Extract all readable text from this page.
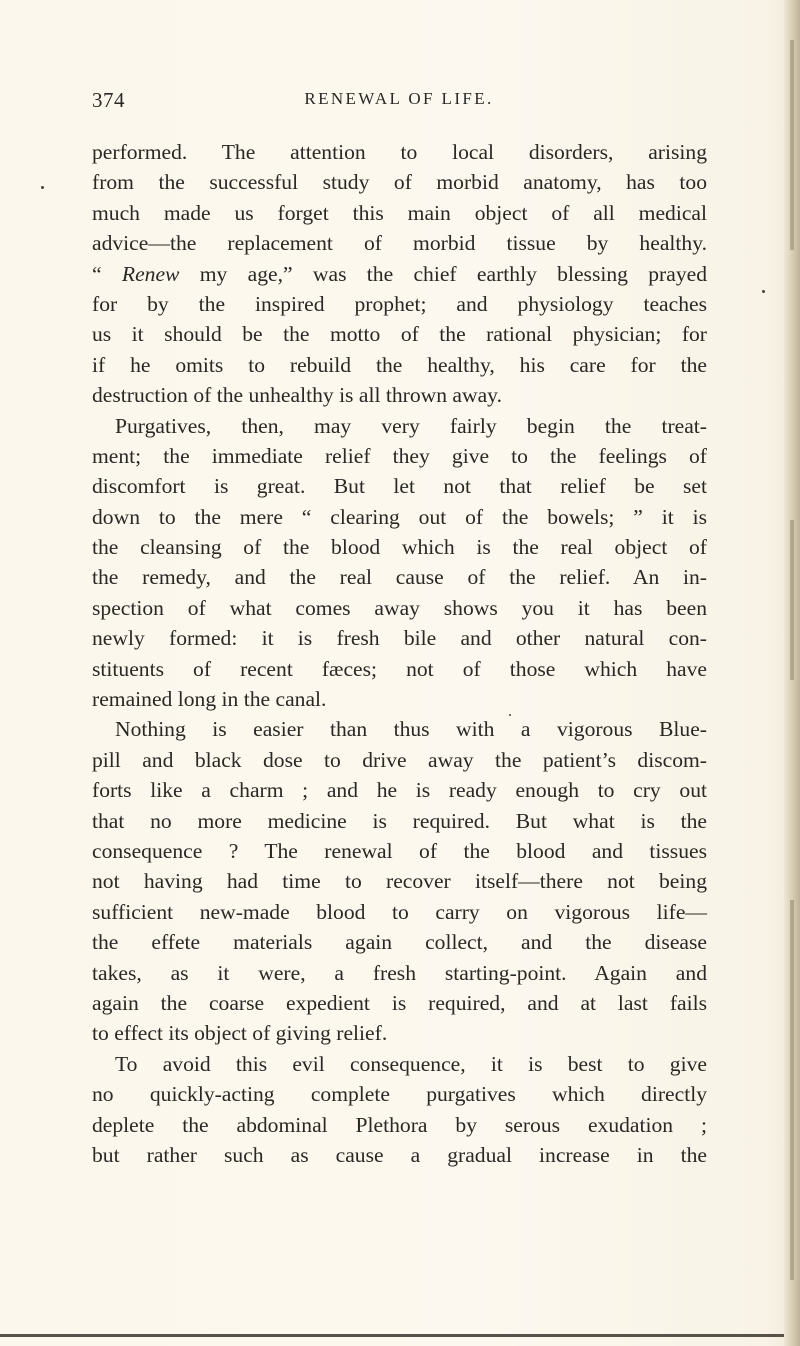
374	RENEWAL OF LIFE.
performed. The attention to local disorders, arising
from the successful study of morbid anatomy, has too
much made us forget this main object of all medical
advice—the replacement of morbid tissue by healthy.
“ Renew my age,” was the chief earthly blessing prayed
for by the inspired prophet; and physiology teaches
us it should be the motto of the rational physician; for
if he omits to rebuild the healthy, his care for the
destruction of the unhealthy is all thrown away.
Purgatives, then, may very fairly begin the treat-
ment; the immediate relief they give to the feelings of
discomfort is great. But let not that relief be set
down to the mere “ clearing out of the bowels; ” it is
the cleansing of the blood which is the real object of
the remedy, and the real cause of the relief. An in-
spection of what comes away shows you it has been
newly formed: it is fresh bile and other natural con-
stituents of recent fæces; not of those which have
remained long in the canal.
Nothing is easier than thus with a vigorous Blue-
pill and black dose to drive away the patient’s discom-
forts like a charm ; and he is ready enough to cry out
that no more medicine is required. But what is the
consequence ? The renewal of the blood and tissues
not having had time to recover itself—there not being
sufficient new-made blood to carry on vigorous life—
the effete materials again collect, and the disease
takes, as it were, a fresh starting-point. Again and
again the coarse expedient is required, and at last fails
to effect its object of giving relief.
To avoid this evil consequence, it is best to give
no quickly-acting complete purgatives which directly
deplete the abdominal Plethora by serous exudation ;
but rather such as cause a gradual increase in the
